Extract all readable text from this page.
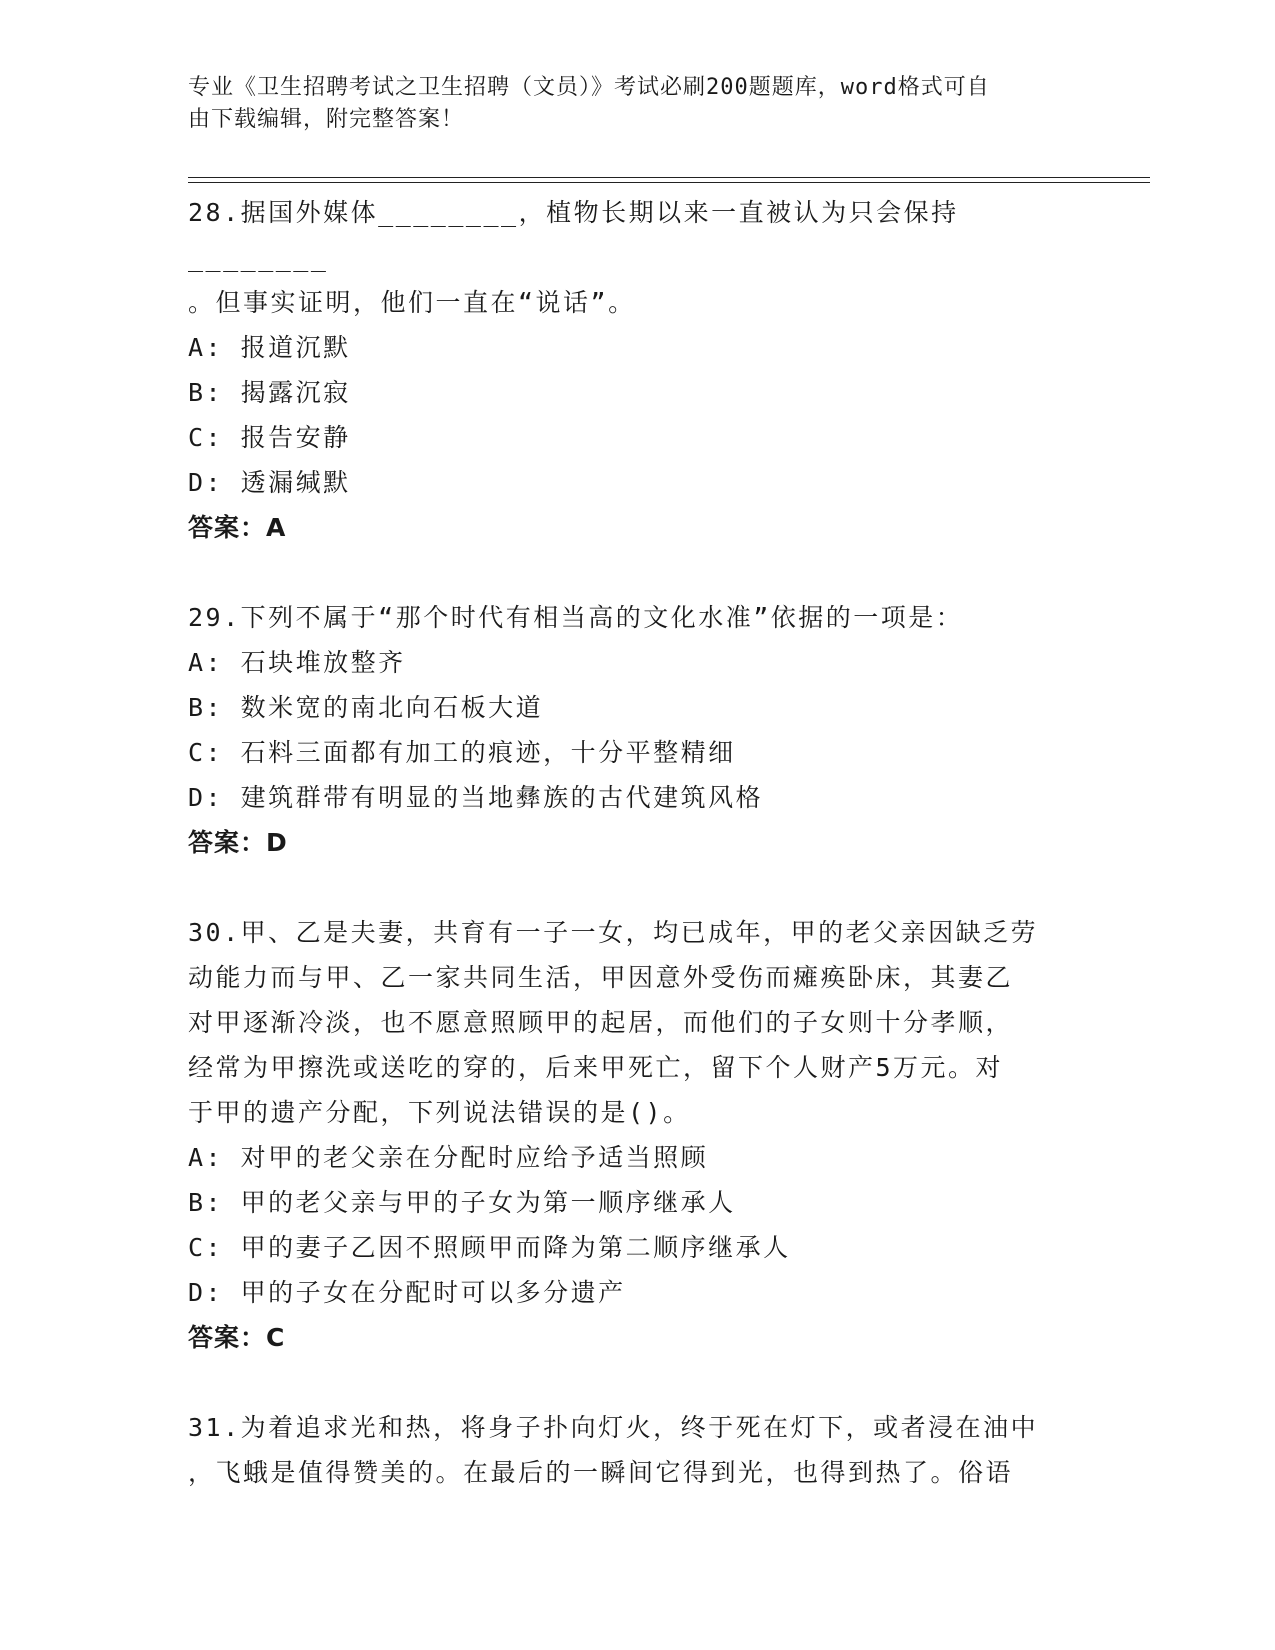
专业《卫生招聘考试之卫生招聘（文员）》考试必刷200题题库，word格式可自
由下载编辑，附完整答案！

28.据国外媒体________，植物长期以来一直被认为只会保持________

。但事实证明，他们一直在“说话”。

A: 报道沉默

B: 揭露沉寂

C: 报告安静

D: 透漏缄默

答案：A

29.下列不属于“那个时代有相当高的文化水准”依据的一项是：

A: 石块堆放整齐

B: 数米宽的南北向石板大道

C: 石料三面都有加工的痕迹，十分平整精细

D: 建筑群带有明显的当地彝族的古代建筑风格

答案：D

30.甲、乙是夫妻，共育有一子一女，均已成年，甲的老父亲因缺乏劳

动能力而与甲、乙一家共同生活，甲因意外受伤而瘫痪卧床，其妻乙

对甲逐渐冷淡，也不愿意照顾甲的起居，而他们的子女则十分孝顺，

经常为甲擦洗或送吃的穿的，后来甲死亡，留下个人财产5万元。对

于甲的遗产分配，下列说法错误的是()。

A: 对甲的老父亲在分配时应给予适当照顾

B: 甲的老父亲与甲的子女为第一顺序继承人

C: 甲的妻子乙因不照顾甲而降为第二顺序继承人

D: 甲的子女在分配时可以多分遗产

答案：C

31.为着追求光和热，将身子扑向灯火，终于死在灯下，或者浸在油中

，飞蛾是值得赞美的。在最后的一瞬间它得到光，也得到热了。俗语
